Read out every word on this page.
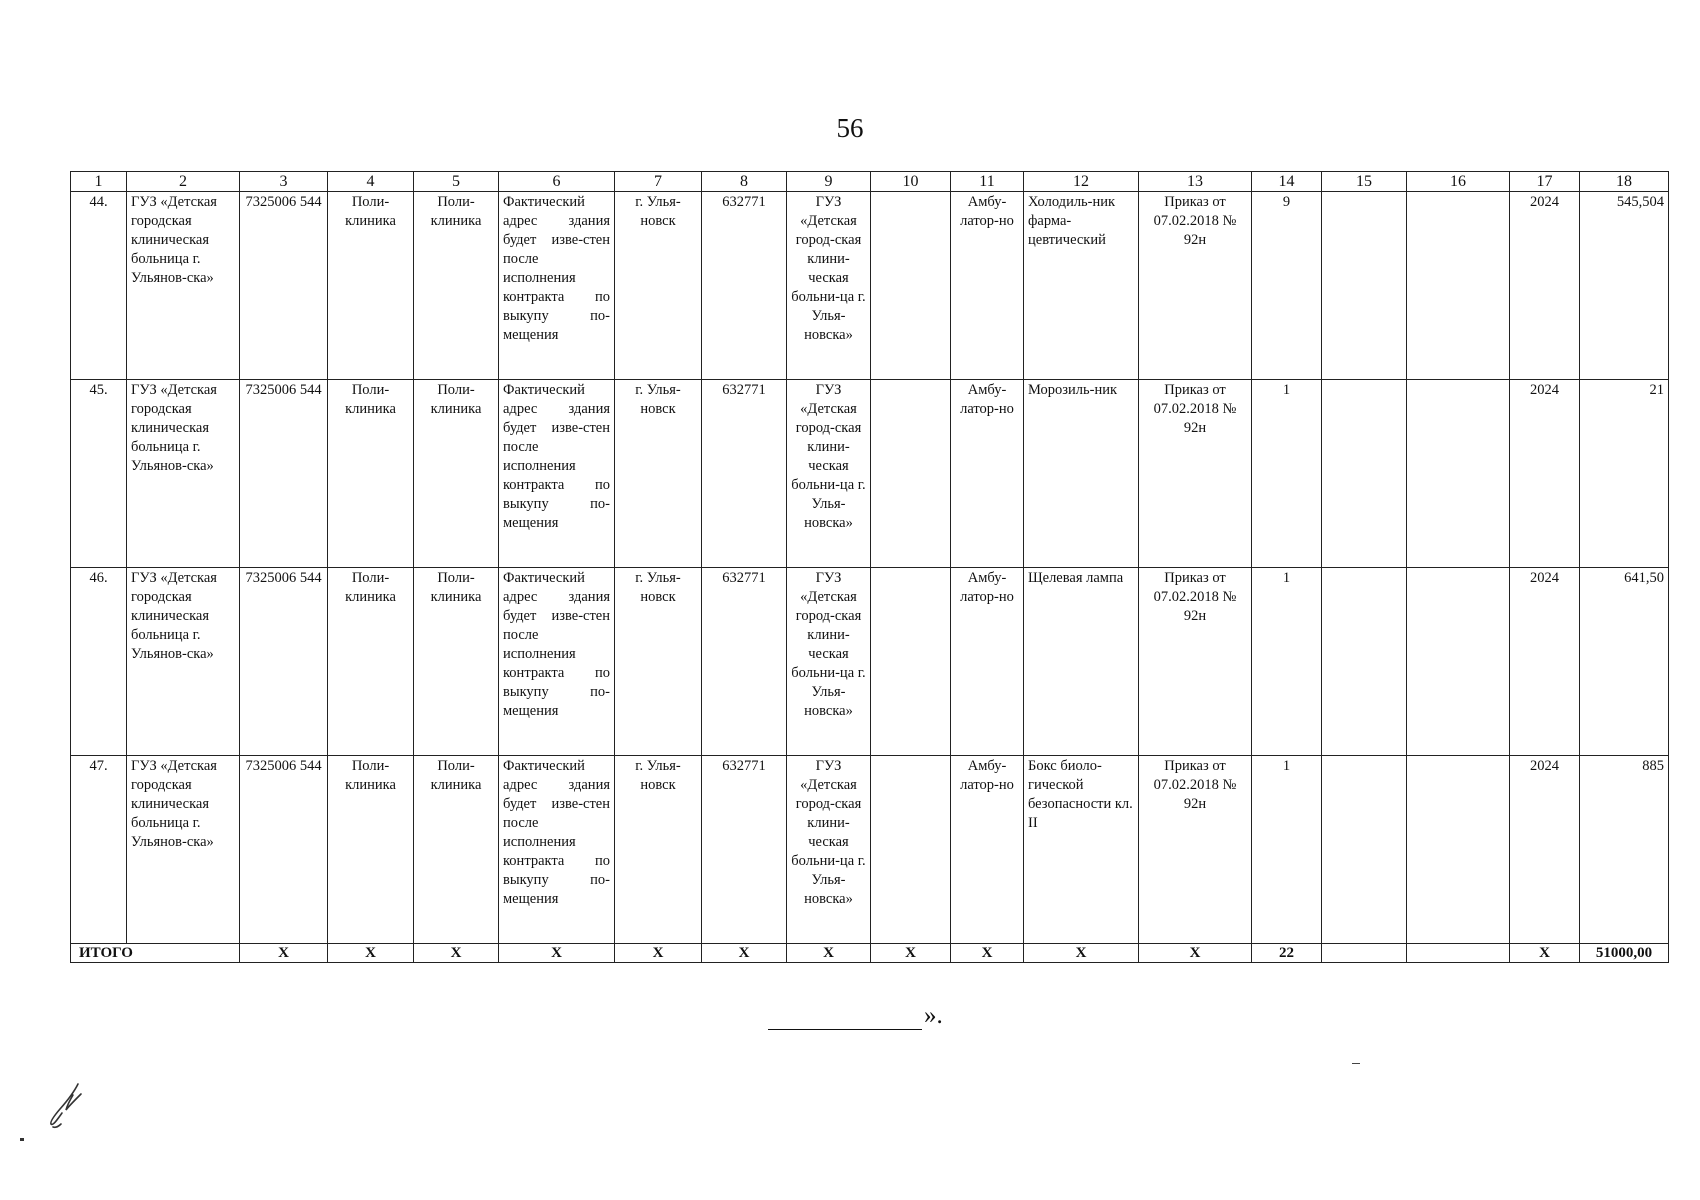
56
1	2	3	4	5	6	7	8	9	10	11	12	13	14	15	16	17	18
44.	ГУЗ «Детская городская клиническая больница г. Ульянов-ска»	7325006 544	Поли-клиника	Поли-клиника	Фактический адрес здания будет изве-стен после исполнения контракта по выкупу по-мещения	г. Улья-новск	632771	ГУЗ «Детская город-ская клини-ческая больни-ца г. Улья-новска»		Амбу-латор-но	Холодиль-ник фарма-цевтический	Приказ от 07.02.2018 № 92н	9			2024	545,504
45.	ГУЗ «Детская городская клиническая больница г. Ульянов-ска»	7325006 544	Поли-клиника	Поли-клиника	Фактический адрес здания будет изве-стен после исполнения контракта по выкупу по-мещения	г. Улья-новск	632771	ГУЗ «Детская город-ская клини-ческая больни-ца г. Улья-новска»		Амбу-латор-но	Морозиль-ник	Приказ от 07.02.2018 № 92н	1			2024	21
46.	ГУЗ «Детская городская клиническая больница г. Ульянов-ска»	7325006 544	Поли-клиника	Поли-клиника	Фактический адрес здания будет изве-стен после исполнения контракта по выкупу по-мещения	г. Улья-новск	632771	ГУЗ «Детская город-ская клини-ческая больни-ца г. Улья-новска»		Амбу-латор-но	Щелевая лампа	Приказ от 07.02.2018 № 92н	1			2024	641,50
47.	ГУЗ «Детская городская клиническая больница г. Ульянов-ска»	7325006 544	Поли-клиника	Поли-клиника	Фактический адрес здания будет изве-стен после исполнения контракта по выкупу по-мещения	г. Улья-новск	632771	ГУЗ «Детская город-ская клини-ческая больни-ца г. Улья-новска»		Амбу-латор-но	Бокс биоло-гической безопасности кл. II	Приказ от 07.02.2018 № 92н	1			2024	885
ИТОГО		Х	Х	Х	Х	Х	Х	Х	Х	Х	Х	Х	22			Х	51000,00
».
